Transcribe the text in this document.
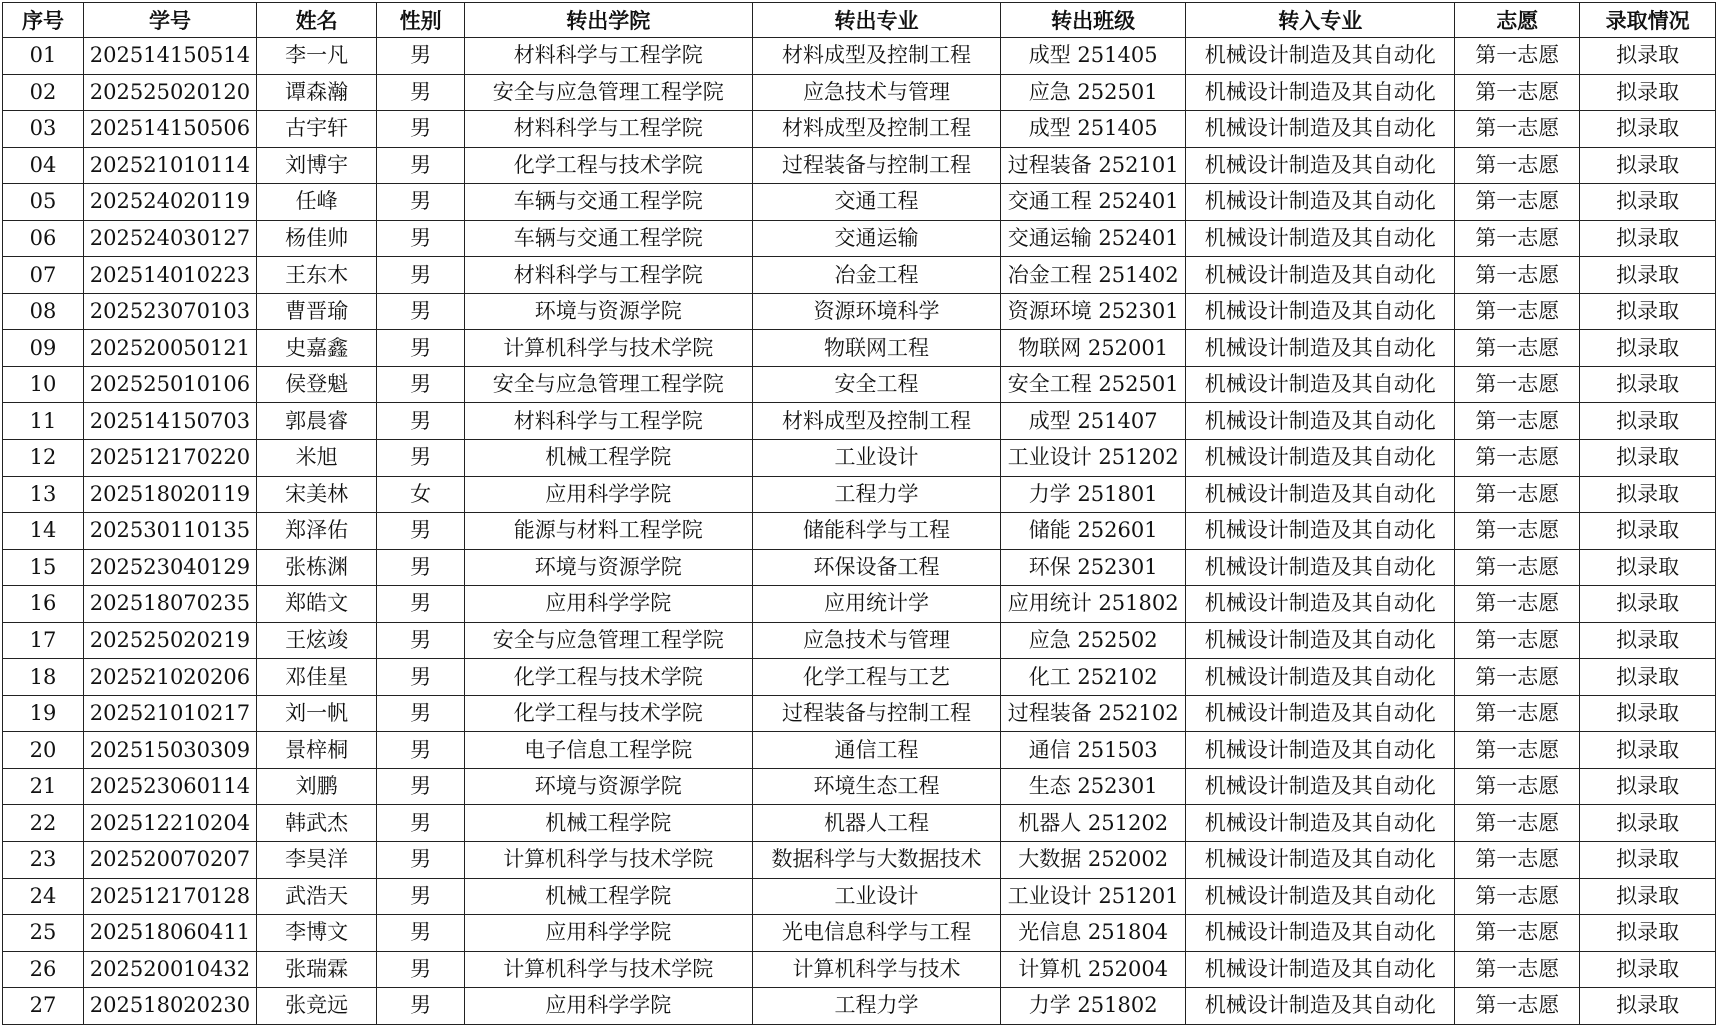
序号	学号	姓名	性别	转出学院	转出专业	转出班级	转入专业	志愿	录取情况
01	202514150514	李一凡	男	材料科学与工程学院	材料成型及控制工程	成型 251405	机械设计制造及其自动化	第一志愿	拟录取
02	202525020120	谭森瀚	男	安全与应急管理工程学院	应急技术与管理	应急 252501	机械设计制造及其自动化	第一志愿	拟录取
03	202514150506	古宇轩	男	材料科学与工程学院	材料成型及控制工程	成型 251405	机械设计制造及其自动化	第一志愿	拟录取
04	202521010114	刘博宇	男	化学工程与技术学院	过程装备与控制工程	过程装备 252101	机械设计制造及其自动化	第一志愿	拟录取
05	202524020119	任峰	男	车辆与交通工程学院	交通工程	交通工程 252401	机械设计制造及其自动化	第一志愿	拟录取
06	202524030127	杨佳帅	男	车辆与交通工程学院	交通运输	交通运输 252401	机械设计制造及其自动化	第一志愿	拟录取
07	202514010223	王东木	男	材料科学与工程学院	冶金工程	冶金工程 251402	机械设计制造及其自动化	第一志愿	拟录取
08	202523070103	曹晋瑜	男	环境与资源学院	资源环境科学	资源环境 252301	机械设计制造及其自动化	第一志愿	拟录取
09	202520050121	史嘉鑫	男	计算机科学与技术学院	物联网工程	物联网 252001	机械设计制造及其自动化	第一志愿	拟录取
10	202525010106	侯登魁	男	安全与应急管理工程学院	安全工程	安全工程 252501	机械设计制造及其自动化	第一志愿	拟录取
11	202514150703	郭晨睿	男	材料科学与工程学院	材料成型及控制工程	成型 251407	机械设计制造及其自动化	第一志愿	拟录取
12	202512170220	米旭	男	机械工程学院	工业设计	工业设计 251202	机械设计制造及其自动化	第一志愿	拟录取
13	202518020119	宋美林	女	应用科学学院	工程力学	力学 251801	机械设计制造及其自动化	第一志愿	拟录取
14	202530110135	郑泽佑	男	能源与材料工程学院	储能科学与工程	储能 252601	机械设计制造及其自动化	第一志愿	拟录取
15	202523040129	张栋渊	男	环境与资源学院	环保设备工程	环保 252301	机械设计制造及其自动化	第一志愿	拟录取
16	202518070235	郑皓文	男	应用科学学院	应用统计学	应用统计 251802	机械设计制造及其自动化	第一志愿	拟录取
17	202525020219	王炫竣	男	安全与应急管理工程学院	应急技术与管理	应急 252502	机械设计制造及其自动化	第一志愿	拟录取
18	202521020206	邓佳星	男	化学工程与技术学院	化学工程与工艺	化工 252102	机械设计制造及其自动化	第一志愿	拟录取
19	202521010217	刘一帆	男	化学工程与技术学院	过程装备与控制工程	过程装备 252102	机械设计制造及其自动化	第一志愿	拟录取
20	202515030309	景梓桐	男	电子信息工程学院	通信工程	通信 251503	机械设计制造及其自动化	第一志愿	拟录取
21	202523060114	刘鹏	男	环境与资源学院	环境生态工程	生态 252301	机械设计制造及其自动化	第一志愿	拟录取
22	202512210204	韩武杰	男	机械工程学院	机器人工程	机器人 251202	机械设计制造及其自动化	第一志愿	拟录取
23	202520070207	李昊洋	男	计算机科学与技术学院	数据科学与大数据技术	大数据 252002	机械设计制造及其自动化	第一志愿	拟录取
24	202512170128	武浩天	男	机械工程学院	工业设计	工业设计 251201	机械设计制造及其自动化	第一志愿	拟录取
25	202518060411	李博文	男	应用科学学院	光电信息科学与工程	光信息 251804	机械设计制造及其自动化	第一志愿	拟录取
26	202520010432	张瑞霖	男	计算机科学与技术学院	计算机科学与技术	计算机 252004	机械设计制造及其自动化	第一志愿	拟录取
27	202518020230	张竞远	男	应用科学学院	工程力学	力学 251802	机械设计制造及其自动化	第一志愿	拟录取
